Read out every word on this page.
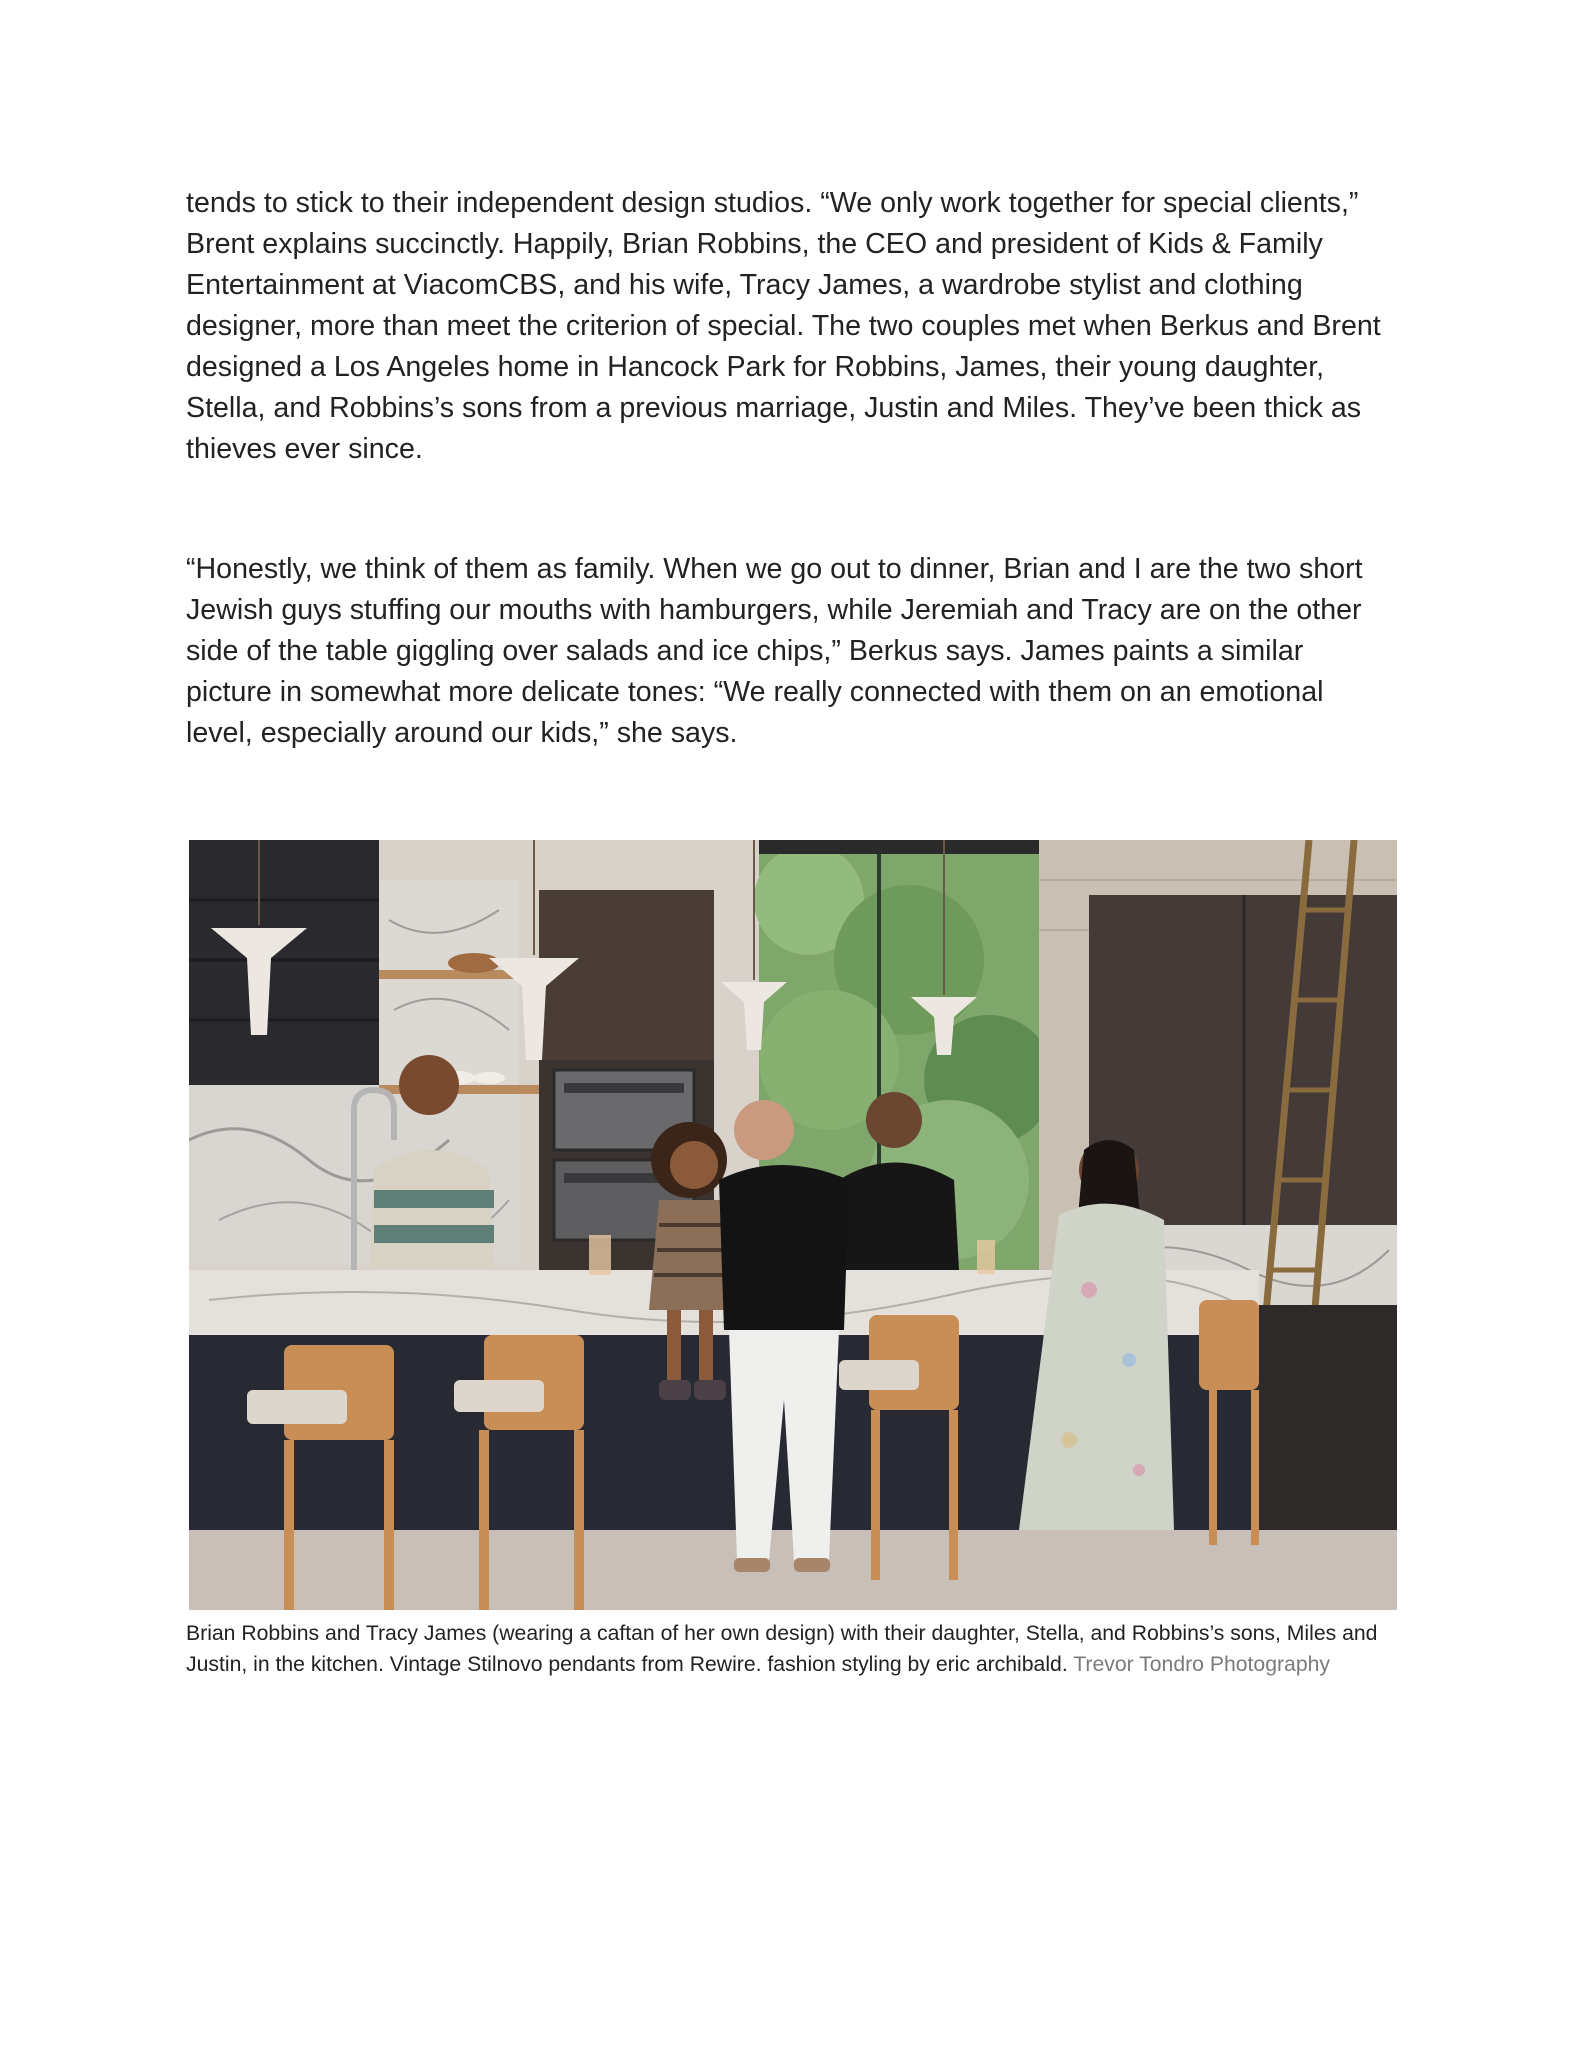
tends to stick to their independent design studios. “We only work together for special clients,” Brent explains succinctly. Happily, Brian Robbins, the CEO and president of Kids & Family Entertainment at ViacomCBS, and his wife, Tracy James, a wardrobe stylist and clothing designer, more than meet the criterion of special. The two couples met when Berkus and Brent designed a Los Angeles home in Hancock Park for Robbins, James, their young daughter, Stella, and Robbins’s sons from a previous marriage, Justin and Miles. They’ve been thick as thieves ever since.

“Honestly, we think of them as family. When we go out to dinner, Brian and I are the two short Jewish guys stuffing our mouths with hamburgers, while Jeremiah and Tracy are on the other side of the table giggling over salads and ice chips,” Berkus says. James paints a similar picture in somewhat more delicate tones: “We really connected with them on an emotional level, especially around our kids,” she says.

Brian Robbins and Tracy James (wearing a caftan of her own design) with their daughter, Stella, and Robbins’s sons, Miles and Justin, in the kitchen. Vintage Stilnovo pendants from Rewire. fashion styling by eric archibald. Trevor Tondro Photography
